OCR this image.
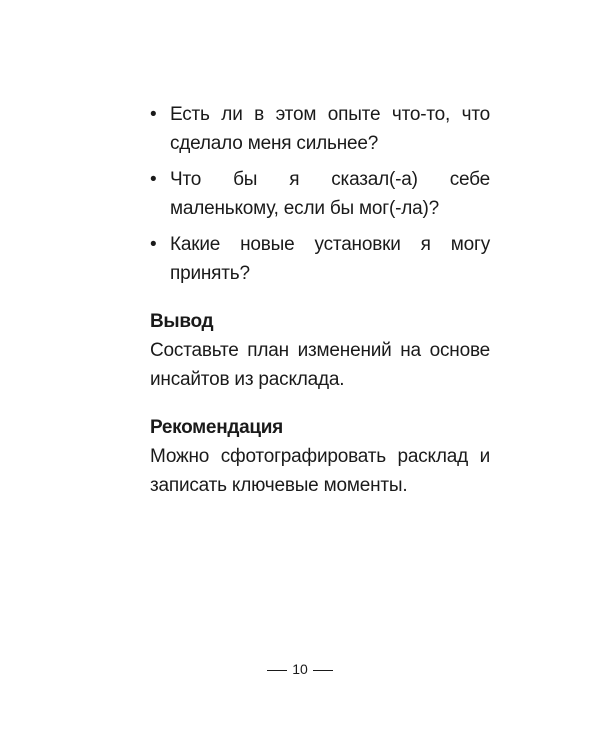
• Есть ли в этом опыте что-то, что сделало меня сильнее?
• Что бы я сказал(-а) себе маленькому, если бы мог(-ла)?
• Какие новые установки я могу принять?
Вывод
Составьте план изменений на основе инсайтов из расклада.
Рекомендация
Можно сфотографировать расклад и записать ключевые моменты.
10
